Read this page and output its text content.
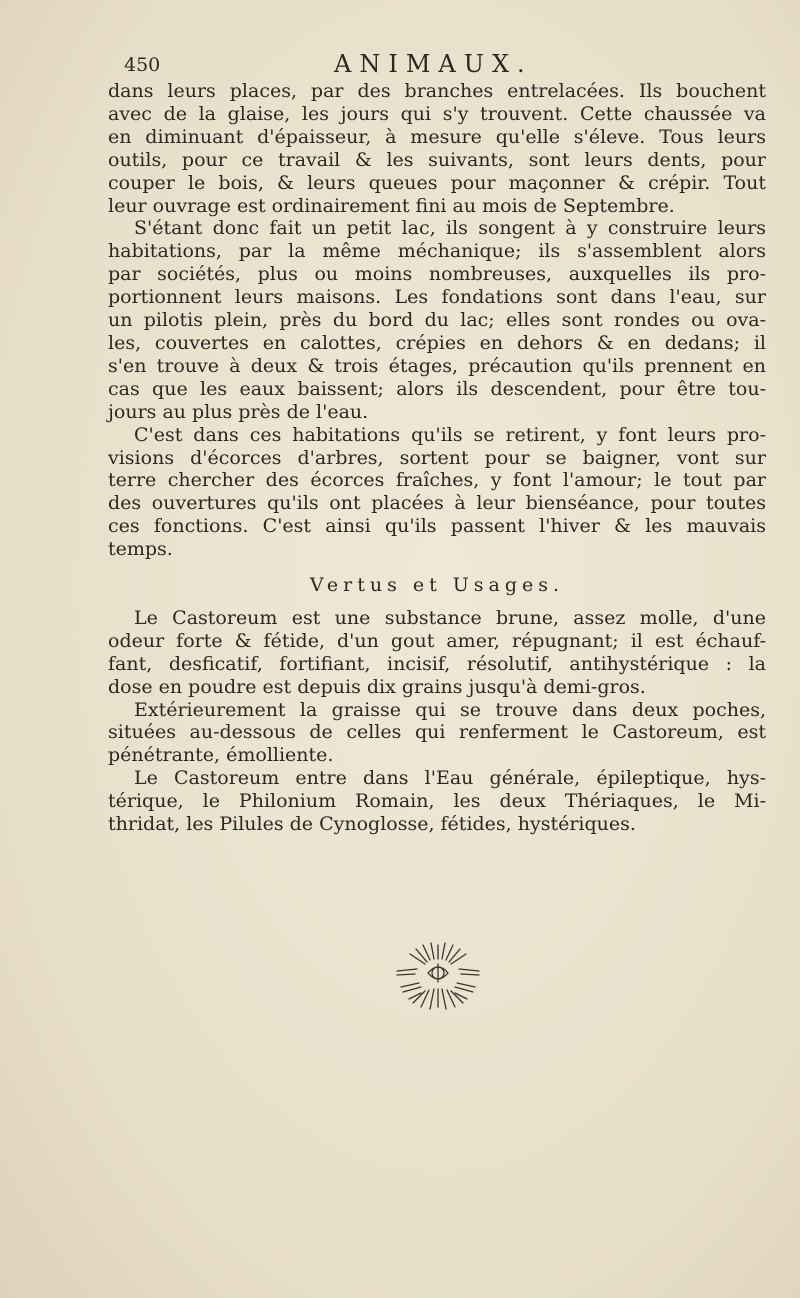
450	ANIMAUX.

dans leurs places, par des branches entrelacées. Ils bouchent

avec de la glaise, les jours qui s'y trouvent. Cette chaussée va

en diminuant d'épaisseur, à mesure qu'elle s'éleve. Tous leurs

outils, pour ce travail & les suivants, sont leurs dents, pour

couper le bois, & leurs queues pour maçonner & crépir. Tout

leur ouvrage est ordinairement fini au mois de Septembre.

S'étant donc fait un petit lac, ils songent à y construire leurs

habitations, par la même méchanique; ils s'assemblent alors

par sociétés, plus ou moins nombreuses, auxquelles ils pro-

portionnent leurs maisons. Les fondations sont dans l'eau, sur

un pilotis plein, près du bord du lac; elles sont rondes ou ova-

les, couvertes en calottes, crépies en dehors & en dedans; il

s'en trouve à deux & trois étages, précaution qu'ils prennent en

cas que les eaux baissent; alors ils descendent, pour être tou-

jours au plus près de l'eau.

C'est dans ces habitations qu'ils se retirent, y font leurs pro-

visions d'écorces d'arbres, sortent pour se baigner, vont sur

terre chercher des écorces fraîches, y font l'amour; le tout par

des ouvertures qu'ils ont placées à leur bienséance, pour toutes

ces fonctions. C'est ainsi qu'ils passent l'hiver & les mauvais

temps.

Vertus et Usages.

Le Castoreum est une substance brune, assez molle, d'une

odeur forte & fétide, d'un gout amer, répugnant; il est échauf-

fant, desficatif, fortifiant, incisif, résolutif, antihystérique : la

dose en poudre est depuis dix grains jusqu'à demi-gros.

Extérieurement la graisse qui se trouve dans deux poches,

situées au-dessous de celles qui renferment le Castoreum, est

pénétrante, émolliente.

Le Castoreum entre dans l'Eau générale, épileptique, hys-

térique, le Philonium Romain, les deux Thériaques, le Mi-

thridat, les Pilules de Cynoglosse, fétides, hystériques.
